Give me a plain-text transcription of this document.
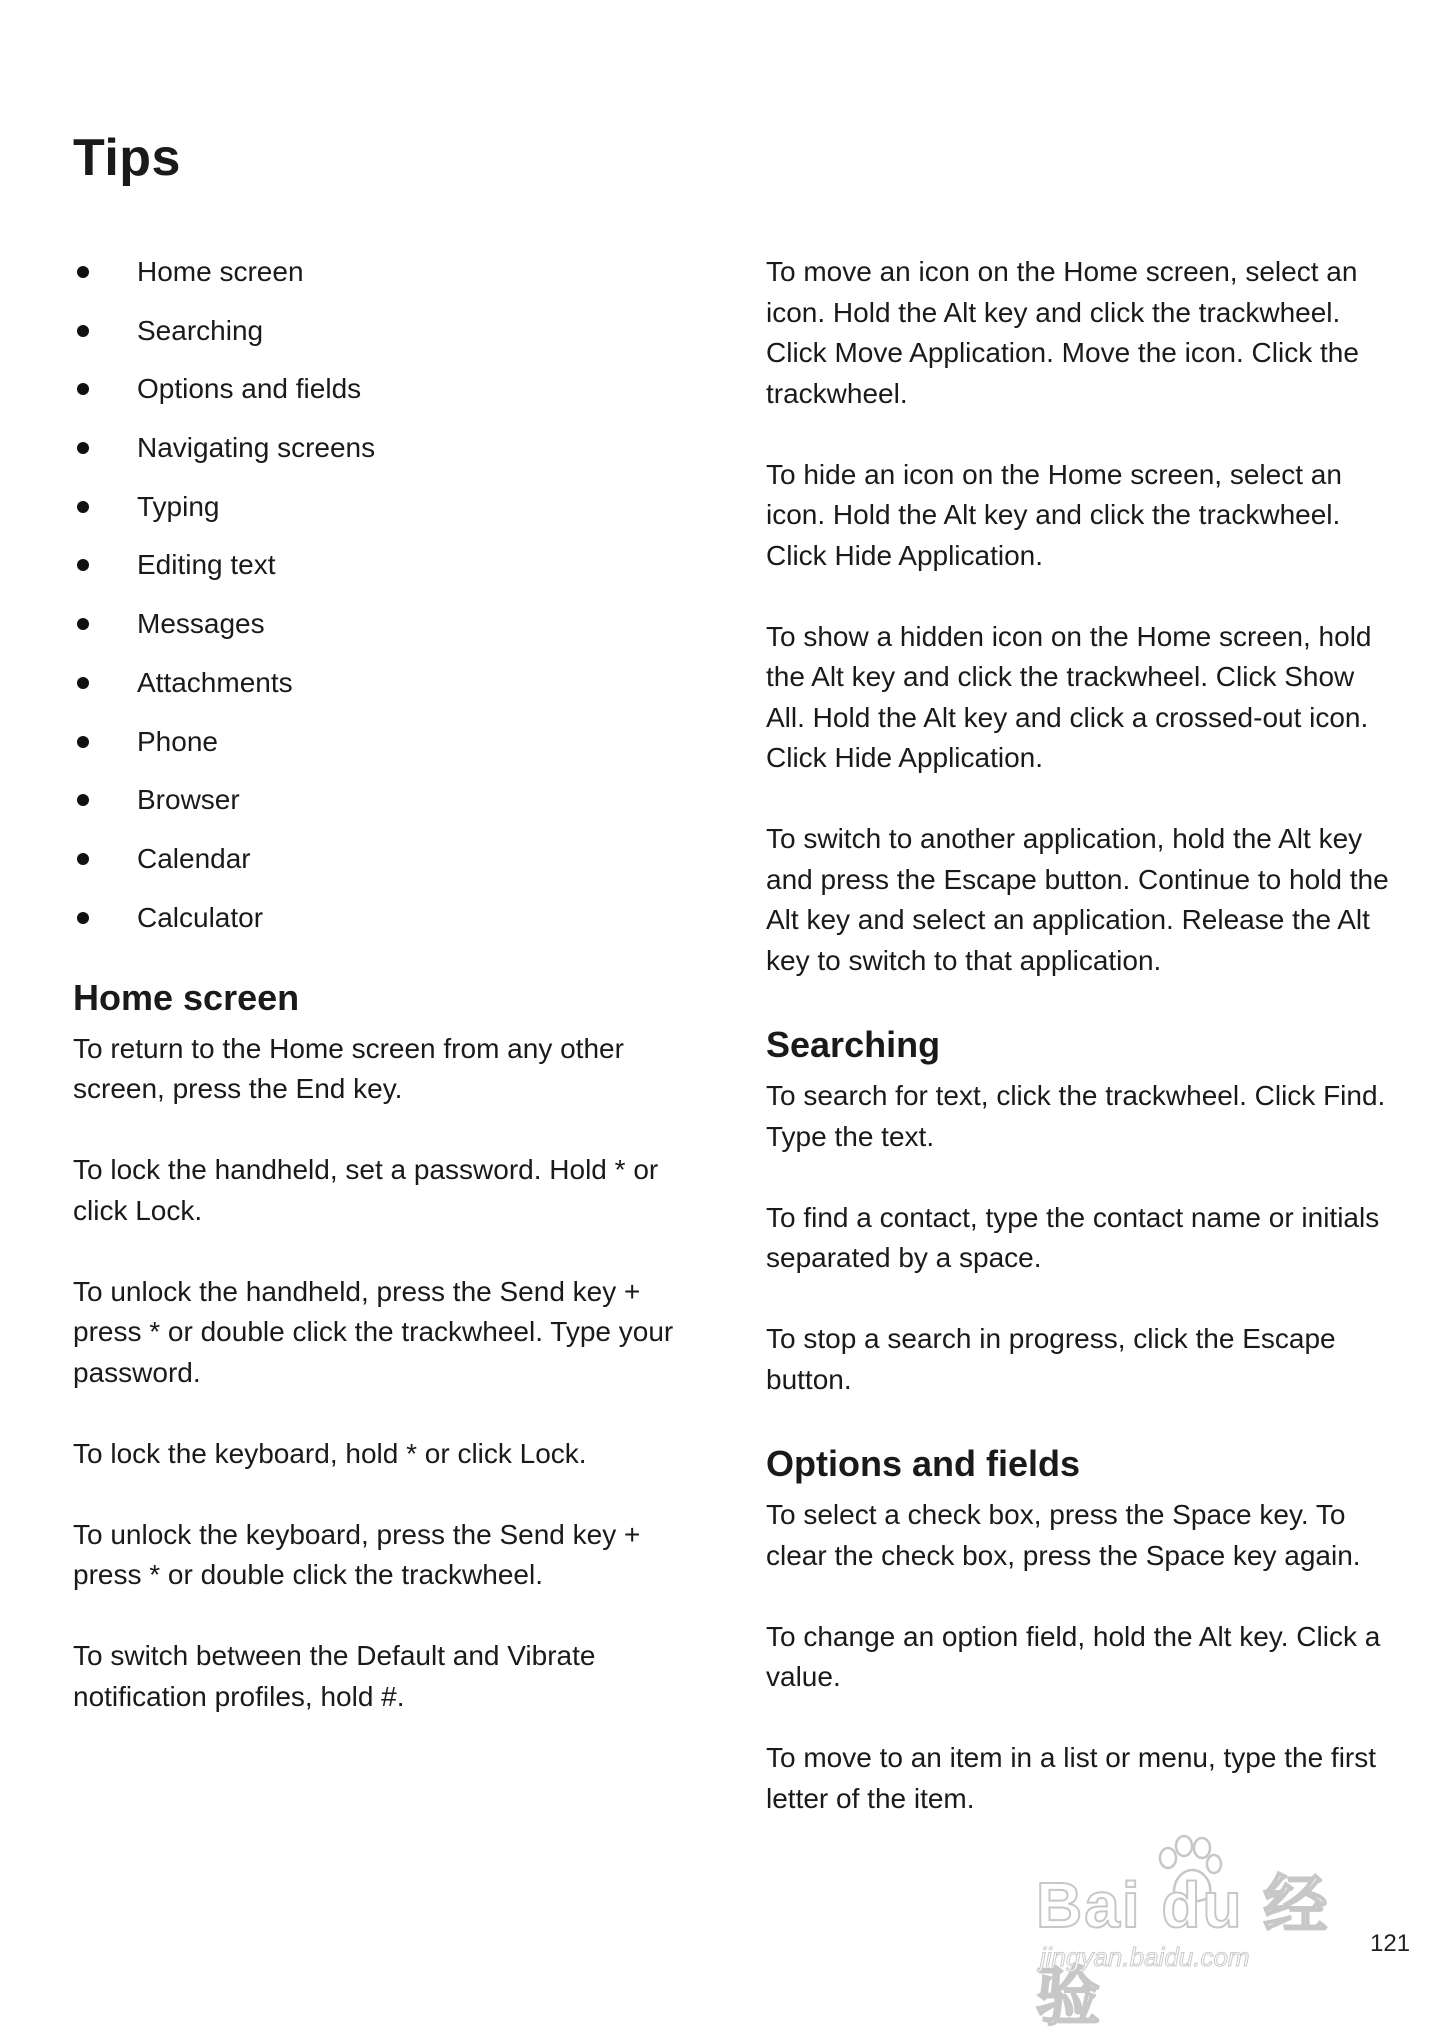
Tips
Home screen
Searching
Options and fields
Navigating screens
Typing
Editing text
Messages
Attachments
Phone
Browser
Calendar
Calculator
Home screen

To return to the Home screen from any other screen, press the End key.

To lock the handheld, set a password. Hold * or click Lock.

To unlock the handheld, press the Send key + press * or double click the trackwheel. Type your password.

To lock the keyboard, hold * or click Lock.

To unlock the keyboard, press the Send key + press * or double click the trackwheel.

To switch between the Default and Vibrate notification profiles, hold #.

To move an icon on the Home screen, select an icon. Hold the Alt key and click the trackwheel. Click Move Application. Move the icon. Click the trackwheel.

To hide an icon on the Home screen, select an icon. Hold the Alt key and click the trackwheel. Click Hide Application.

To show a hidden icon on the Home screen, hold the Alt key and click the trackwheel. Click Show All. Hold the Alt key and click a crossed-out icon. Click Hide Application.

To switch to another application, hold the Alt key and press the Escape button. Continue to hold the Alt key and select an application. Release the Alt key to switch to that application.

Searching

To search for text, click the trackwheel. Click Find. Type the text.

To find a contact, type the contact name or initials separated by a space.

To stop a search in progress, click the Escape button.

Options and fields

To select a check box, press the Space key. To clear the check box, press the Space key again.

To change an option field, hold the Alt key. Click a value.

To move to an item in a list or menu, type the first letter of the item.

Bai du 经验
jingyan.baidu.com	121
